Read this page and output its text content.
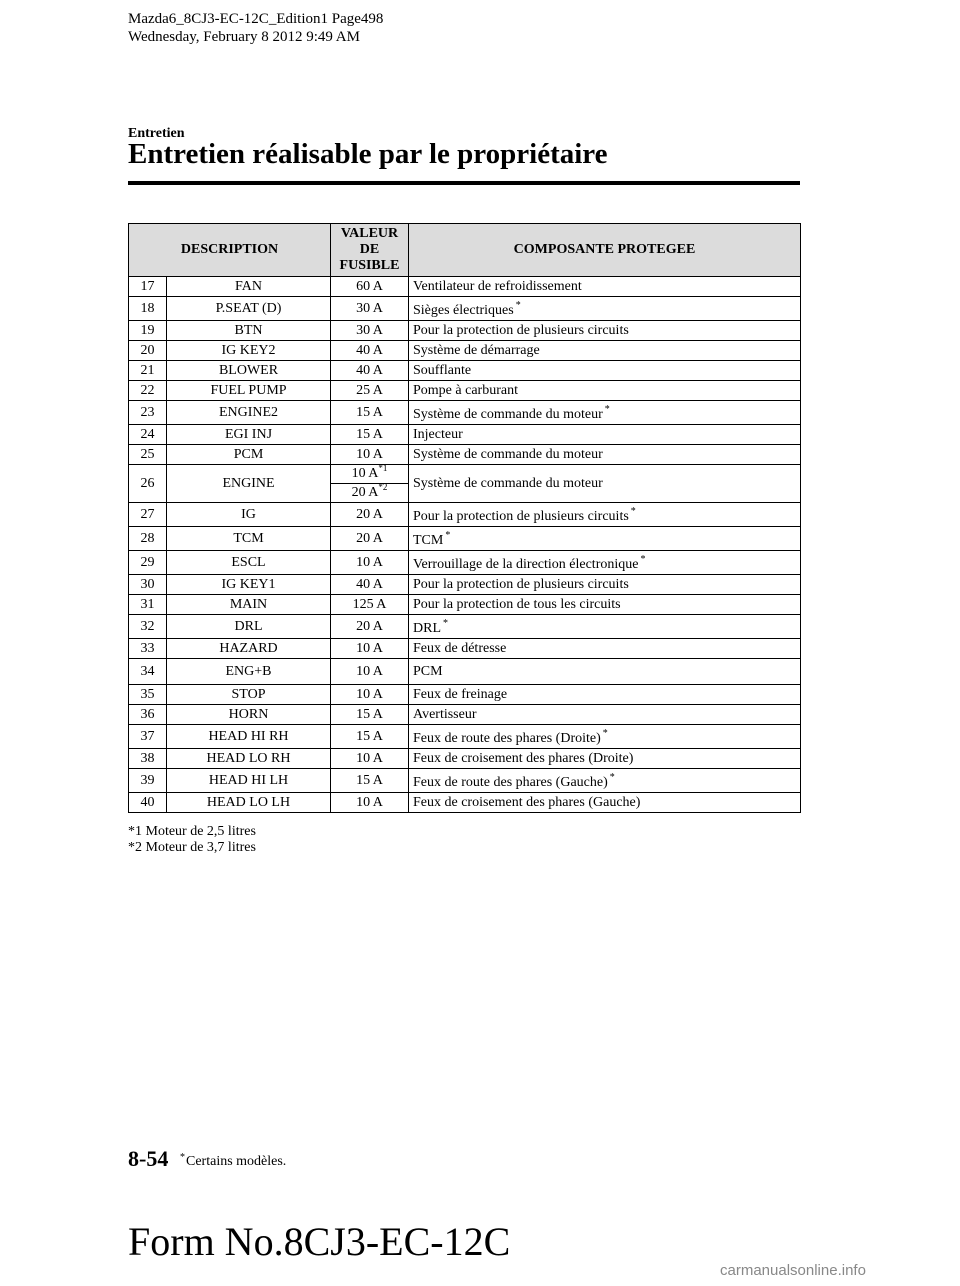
Mazda6_8CJ3-EC-12C_Edition1 Page498
Wednesday, February 8 2012 9:49 AM
Entretien
Entretien réalisable par le propriétaire
DESCRIPTION		VALEUR
DE
FUSIBLE	COMPOSANTE PROTEGEE
17	FAN	60 A	Ventilateur de refroidissement
18	P.SEAT (D)	30 A	Sièges électriques *
19	BTN	30 A	Pour la protection de plusieurs circuits
20	IG KEY2	40 A	Système de démarrage
21	BLOWER	40 A	Soufflante
22	FUEL PUMP	25 A	Pompe à carburant
23	ENGINE2	15 A	Système de commande du moteur *
24	EGI INJ	15 A	Injecteur
25	PCM	10 A	Système de commande du moteur
26	ENGINE	10 $A^{*1}$
20 $A^{*2}$	Système de commande du moteur
27	IG	20 A	Pour la protection de plusieurs circuits *
28	TCM	20 A	TCM *
29	ESCL	10 A	Verrouillage de la direction électronique *
30	IG KEY1	40 A	Pour la protection de plusieurs circuits
31	MAIN	125 A	Pour la protection de tous les circuits
32	DRL	20 A	DRL *
33	HAZARD	10 A	Feux de détresse
34	ENG+B	10 A	PCM
35	STOP	10 A	Feux de freinage
36	HORN	15 A	Avertisseur
37	HEAD HI RH	15 A	Feux de route des phares (Droite) *
38	HEAD LO RH	10 A	Feux de croisement des phares (Droite)
39	HEAD HI LH	15 A	Feux de route des phares (Gauche) *
40	HEAD LO LH	10 A	Feux de croisement des phares (Gauche)
*1 Moteur de 2,5 litres
*2 Moteur de 3,7 litres
8-54 *Certains modèles.
Form No.8CJ3-EC-12C
carmanualsonline.info
